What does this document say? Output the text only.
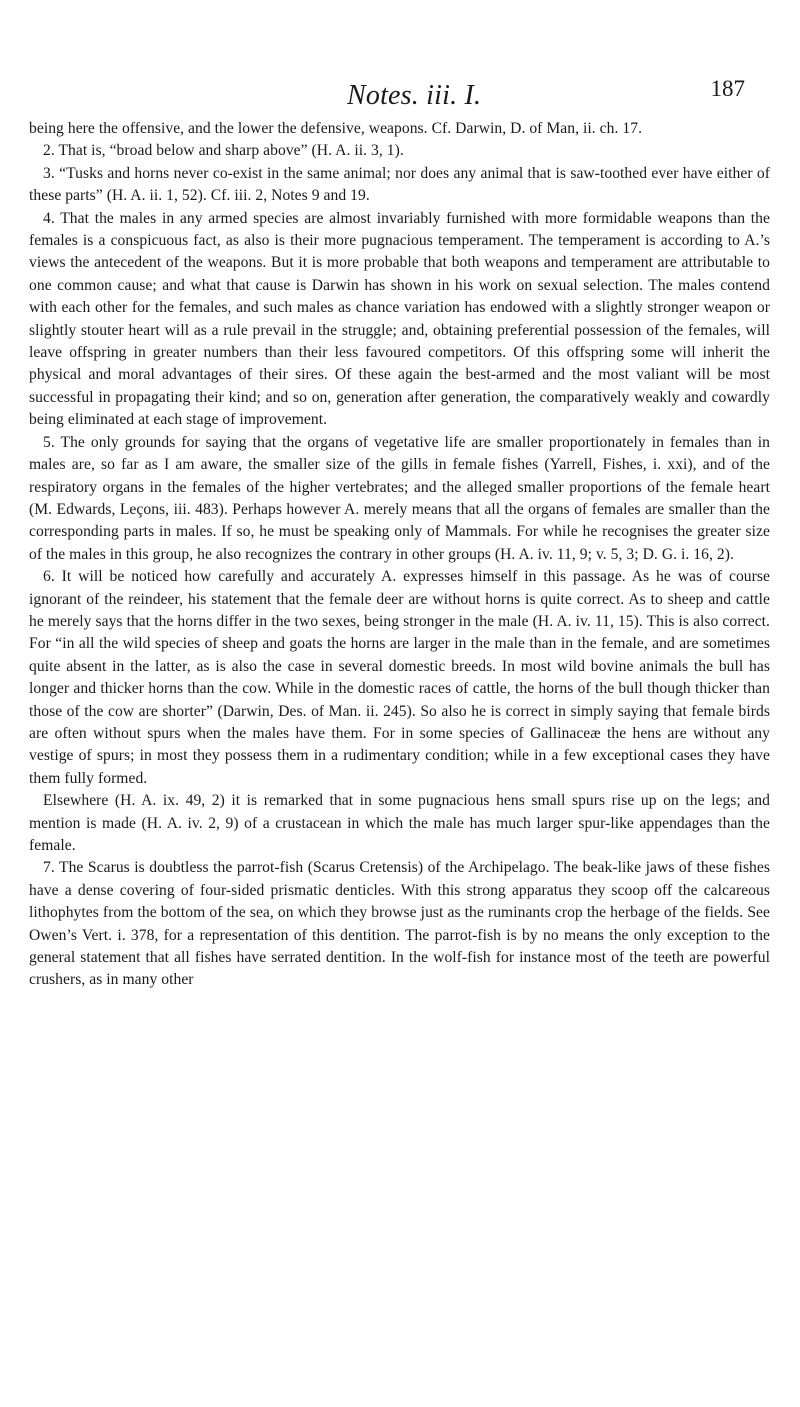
Notes. iii. I.	187

being here the offensive, and the lower the defensive, weapons. Cf. Darwin, D. of Man, ii. ch. 17.

2. That is, “broad below and sharp above” (H. A. ii. 3, 1).

3. “Tusks and horns never co-exist in the same animal; nor does any animal that is saw-toothed ever have either of these parts” (H. A. ii. 1, 52). Cf. iii. 2, Notes 9 and 19.

4. That the males in any armed species are almost invariably furnished with more formidable weapons than the females is a conspicuous fact, as also is their more pugnacious temperament. The temperament is according to A.’s views the antecedent of the weapons. But it is more probable that both weapons and temperament are attributable to one common cause; and what that cause is Darwin has shown in his work on sexual selection. The males contend with each other for the females, and such males as chance variation has endowed with a slightly stronger weapon or slightly stouter heart will as a rule prevail in the struggle; and, obtaining preferential possession of the females, will leave offspring in greater numbers than their less favoured competitors. Of this offspring some will inherit the physical and moral advantages of their sires. Of these again the best-armed and the most valiant will be most successful in propagating their kind; and so on, generation after generation, the comparatively weakly and cowardly being eliminated at each stage of improvement.

5. The only grounds for saying that the organs of vegetative life are smaller proportionately in females than in males are, so far as I am aware, the smaller size of the gills in female fishes (Yarrell, Fishes, i. xxi), and of the respiratory organs in the females of the higher vertebrates; and the alleged smaller proportions of the female heart (M. Edwards, Leçons, iii. 483). Perhaps however A. merely means that all the organs of females are smaller than the corresponding parts in males. If so, he must be speaking only of Mammals. For while he recognises the greater size of the males in this group, he also recognizes the contrary in other groups (H. A. iv. 11, 9; v. 5, 3; D. G. i. 16, 2).

6. It will be noticed how carefully and accurately A. expresses himself in this passage. As he was of course ignorant of the reindeer, his statement that the female deer are without horns is quite correct. As to sheep and cattle he merely says that the horns differ in the two sexes, being stronger in the male (H. A. iv. 11, 15). This is also correct. For “in all the wild species of sheep and goats the horns are larger in the male than in the female, and are sometimes quite absent in the latter, as is also the case in several domestic breeds. In most wild bovine animals the bull has longer and thicker horns than the cow. While in the domestic races of cattle, the horns of the bull though thicker than those of the cow are shorter” (Darwin, Des. of Man. ii. 245). So also he is correct in simply saying that female birds are often without spurs when the males have them. For in some species of Gallinaceæ the hens are without any vestige of spurs; in most they possess them in a rudimentary condition; while in a few exceptional cases they have them fully formed.

Elsewhere (H. A. ix. 49, 2) it is remarked that in some pugnacious hens small spurs rise up on the legs; and mention is made (H. A. iv. 2, 9) of a crustacean in which the male has much larger spur-like appendages than the female.

7. The Scarus is doubtless the parrot-fish (Scarus Cretensis) of the Archipelago. The beak-like jaws of these fishes have a dense covering of four-sided prismatic denticles. With this strong apparatus they scoop off the calcareous lithophytes from the bottom of the sea, on which they browse just as the ruminants crop the herbage of the fields. See Owen’s Vert. i. 378, for a representation of this dentition. The parrot-fish is by no means the only exception to the general statement that all fishes have serrated dentition. In the wolf-fish for instance most of the teeth are powerful crushers, as in many other
